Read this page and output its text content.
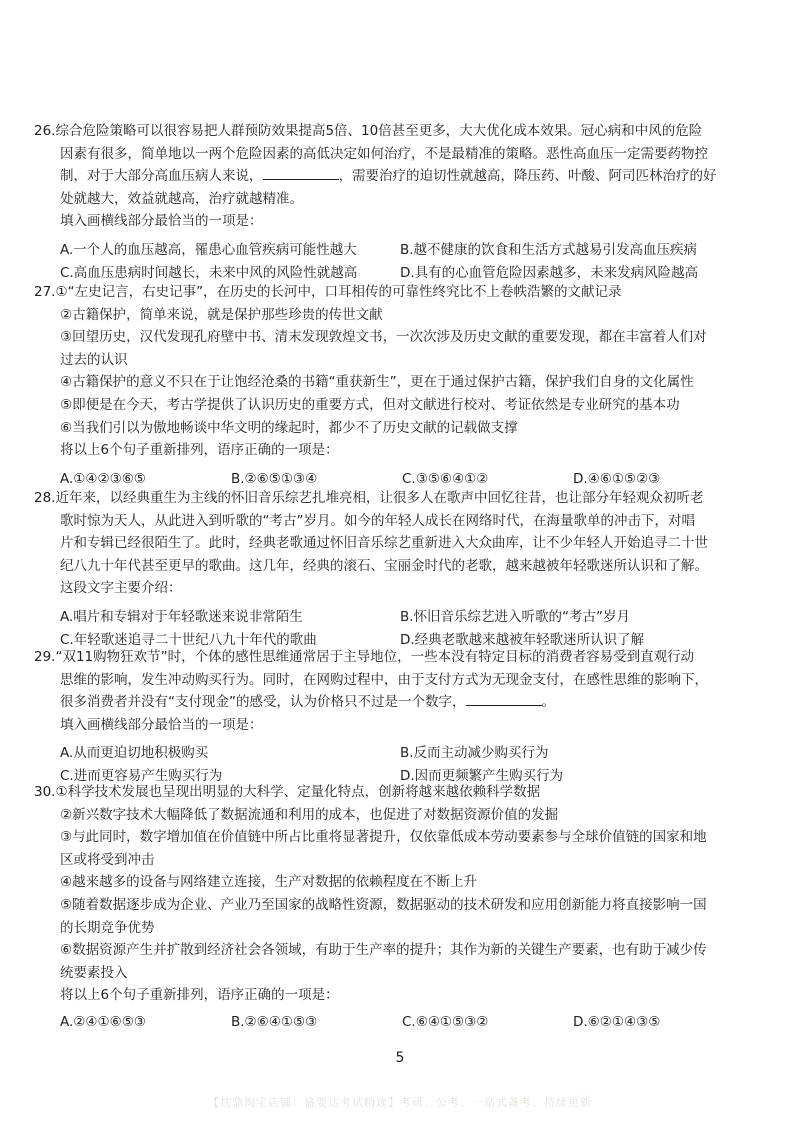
26.综合危险策略可以很容易把人群预防效果提高5倍、10倍甚至更多，大大优化成本效果。冠心病和中风的危险
因素有很多，简单地以一两个危险因素的高低决定如何治疗，不是最精准的策略。恶性高血压一定需要药物控
制，对于大部分高血压病人来说，	，需要治疗的迫切性就越高，降压药、叶酸、阿司匹林治疗的好
处就越大，效益就越高，治疗就越精准。
填入画横线部分最恰当的一项是：
A.一个人的血压越高，罹患心血管疾病可能性越大	B.越不健康的饮食和生活方式越易引发高血压疾病
C.高血压患病时间越长，未来中风的风险性就越高	D.具有的心血管危险因素越多，未来发病风险越高
27.①“左史记言，右史记事”，在历史的长河中，口耳相传的可靠性终究比不上卷帙浩繁的文献记录
②古籍保护，简单来说，就是保护那些珍贵的传世文献
③回望历史，汉代发现孔府壁中书、清末发现敦煌文书，一次次涉及历史文献的重要发现，都在丰富着人们对
过去的认识
④古籍保护的意义不只在于让饱经沧桑的书籍“重获新生”，更在于通过保护古籍，保护我们自身的文化属性
⑤即便是在今天，考古学提供了认识历史的重要方式，但对文献进行校对、考证依然是专业研究的基本功
⑥当我们引以为傲地畅谈中华文明的缘起时，都少不了历史文献的记载做支撑
将以上6个句子重新排列，语序正确的一项是：
A.①④②③⑥⑤	B.②⑥⑤①③④	C.③⑤⑥④①②	D.④⑥①⑤②③
28.近年来，以经典重生为主线的怀旧音乐综艺扎堆亮相，让很多人在歌声中回忆往昔，也让部分年轻观众初听老
歌时惊为天人，从此进入到听歌的“考古”岁月。如今的年轻人成长在网络时代，在海量歌单的冲击下，对唱
片和专辑已经很陌生了。此时，经典老歌通过怀旧音乐综艺重新进入大众曲库，让不少年轻人开始追寻二十世
纪八九十年代甚至更早的歌曲。这几年，经典的滚石、宝丽金时代的老歌，越来越被年轻歌迷所认识和了解。
这段文字主要介绍：
A.唱片和专辑对于年轻歌迷来说非常陌生	B.怀旧音乐综艺进入听歌的“考古”岁月
C.年轻歌迷追寻二十世纪八九十年代的歌曲	D.经典老歌越来越被年轻歌迷所认识了解
29.“双11购物狂欢节”时，个体的感性思维通常居于主导地位，一些本没有特定目标的消费者容易受到直观行动
思维的影响，发生冲动购买行为。同时，在网购过程中，由于支付方式为无现金支付，在感性思维的影响下，
很多消费者并没有“支付现金”的感受，认为价格只不过是一个数字，	。
填入画横线部分最恰当的一项是：
A.从而更迫切地积极购买	B.反而主动减少购买行为
C.进而更容易产生购买行为	D.因而更频繁产生购买行为
30.①科学技术发展也呈现出明显的大科学、定量化特点，创新将越来越依赖科学数据
②新兴数字技术大幅降低了数据流通和利用的成本，也促进了对数据资源价值的发掘
③与此同时，数字增加值在价值链中所占比重将显著提升，仅依靠低成本劳动要素参与全球价值链的国家和地
区或将受到冲击
④越来越多的设备与网络建立连接，生产对数据的依赖程度在不断上升
⑤随着数据逐步成为企业、产业乃至国家的战略性资源，数据驱动的技术研发和应用创新能力将直接影响一国
的长期竞争优势
⑥数据资源产生并扩散到经济社会各领域，有助于生产率的提升；其作为新的关键生产要素，也有助于减少传
统要素投入
将以上6个句子重新排列，语序正确的一项是：
A.②④①⑥⑤③	B.②⑥④①⑤③	C.⑥④①⑤③②	D.⑥②①④③⑤
5
【扶鼎淘宝店铺：盛要达考试精选】考研、公考、一站式备考、持续更新
